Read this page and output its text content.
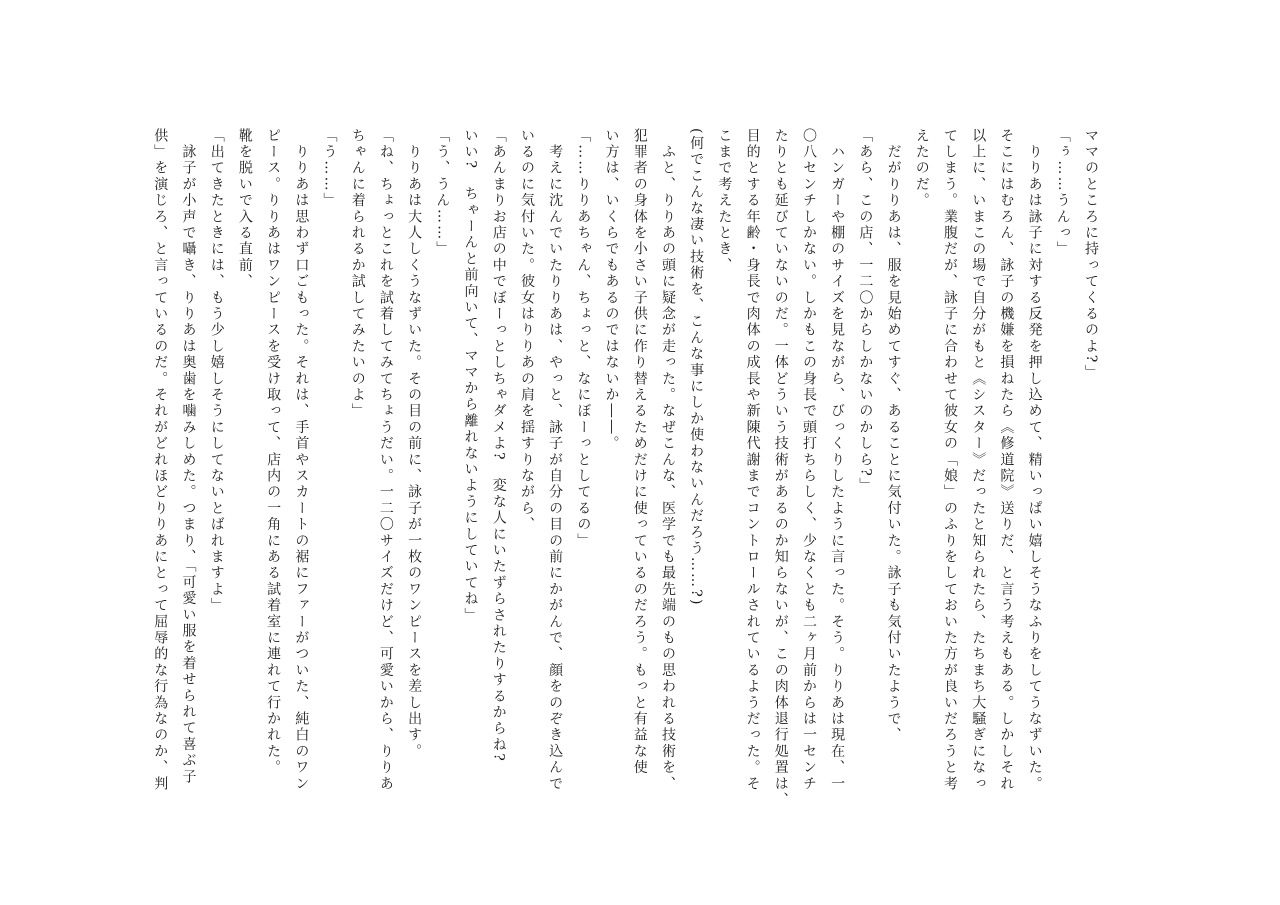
ママのところに持ってくるのよ?」

「ぅ……うんっ」

　りりあは詠子に対する反発を押し込めて、精いっぱい嬉しそうなふりをしてうなずいた。

そこにはむろん、詠子の機嫌を損ねたら《修道院》送りだ、と言う考えもある。しかしそれ

以上に、いまこの場で自分がもと《シスター》だったと知られたら、たちまち大騒ぎになっ

てしまう。業腹だが、詠子に合わせて彼女の「娘」のふりをしておいた方が良いだろうと考

えたのだ。

　だがりりあは、服を見始めてすぐ、あることに気付いた。詠子も気付いたようで、

「あら、この店、一二〇からしかないのかしら?」

　ハンガーや棚のサイズを見ながら、びっくりしたように言った。そう。りりあは現在、一

〇八センチしかない。しかもこの身長で頭打ちらしく、少なくとも二ヶ月前からは一センチ

たりとも延びていないのだ。一体どういう技術があるのか知らないが、この肉体退行処置は、

目的とする年齢・身長で肉体の成長や新陳代謝までコントロールされているようだった。そ

こまで考えたとき、

(何でこんな凄い技術を、こんな事にしか使わないんだろう……?)

　ふと、りりあの頭に疑念が走った。なぜこんな、医学でも最先端のもの思われる技術を、

犯罪者の身体を小さい子供に作り替えるためだけに使っているのだろう。もっと有益な使

い方は、いくらでもあるのではないか――。

「……りりあちゃん、ちょっと、なにぼーっとしてるの」

　考えに沈んでいたりりあは、やっと、詠子が自分の目の前にかがんで、顔をのぞき込んで

いるのに気付いた。彼女はりりあの肩を揺すりながら、

「あんまりお店の中でぼーっとしちゃダメよ?　変な人にいたずらされたりするからね?

いい?　ちゃーんと前向いて、ママから離れないようにしていてね」

「う、うん……」

　りりあは大人しくうなずいた。その目の前に、詠子が一枚のワンピースを差し出す。

「ね、ちょっとこれを試着してみてちょうだい。一二〇サイズだけど、可愛いから、りりあ

ちゃんに着られるか試してみたいのよ」

「う……」

　りりあは思わず口ごもった。それは、手首やスカートの裾にファーがついた、純白のワン

ピース。りりあはワンピースを受け取って、店内の一角にある試着室に連れて行かれた。

靴を脱いで入る直前、

「出てきたときには、もう少し嬉しそうにしてないとばれますよ」

　詠子が小声で囁き、りりあは奥歯を噛みしめた。つまり、「可愛い服を着せられて喜ぶ子

供」を演じろ、と言っているのだ。それがどれほどりりあにとって屈辱的な行為なのか、判
